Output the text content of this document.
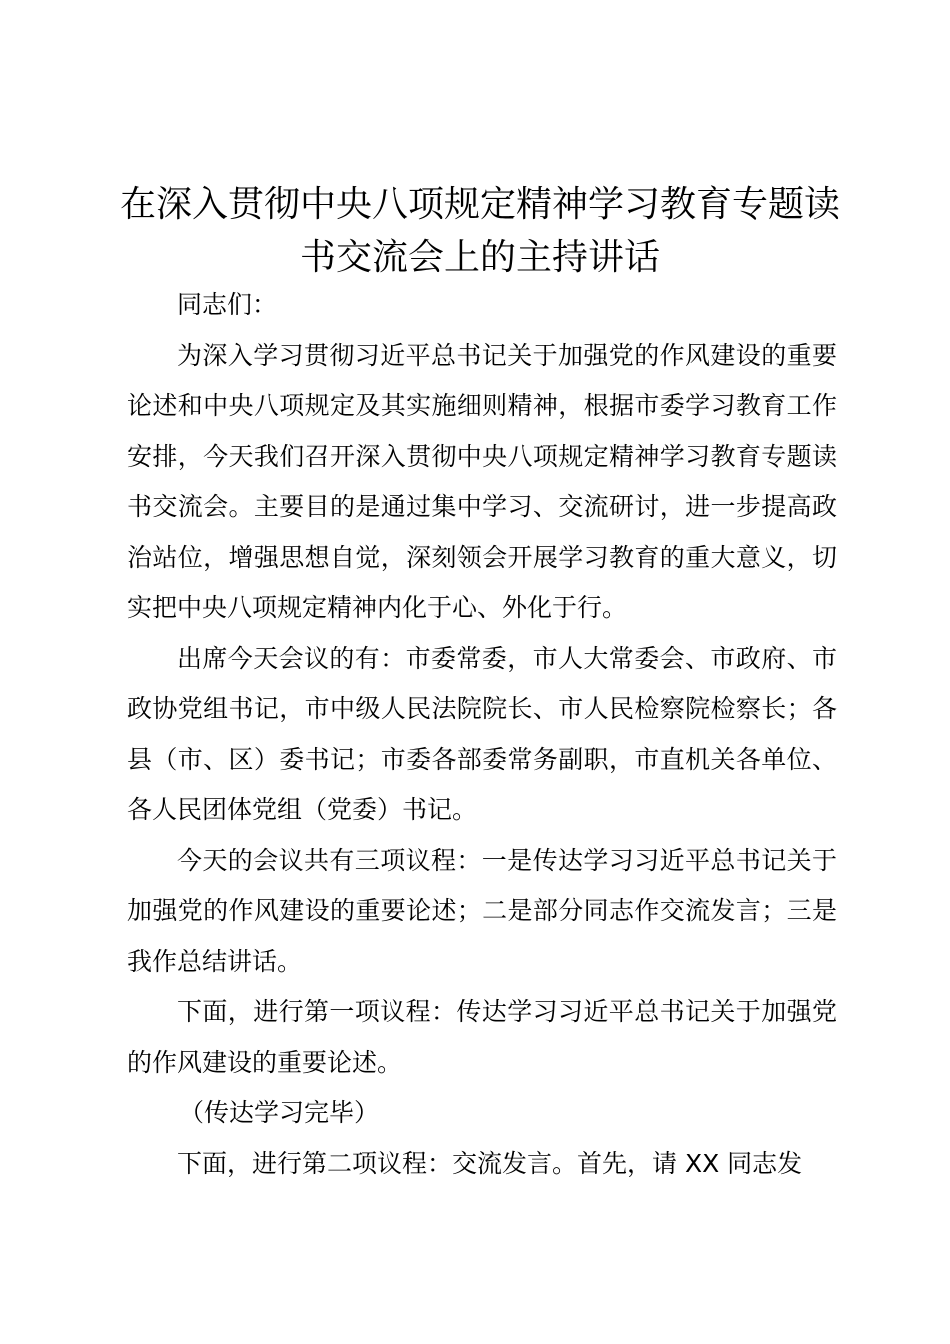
在深入贯彻中央八项规定精神学习教育专题读书交流会上的主持讲话

同志们：

为深入学习贯彻习近平总书记关于加强党的作风建设的重要论述和中央八项规定及其实施细则精神，根据市委学习教育工作安排，今天我们召开深入贯彻中央八项规定精神学习教育专题读书交流会。主要目的是通过集中学习、交流研讨，进一步提高政治站位，增强思想自觉，深刻领会开展学习教育的重大意义，切实把中央八项规定精神内化于心、外化于行。

出席今天会议的有：市委常委，市人大常委会、市政府、市政协党组书记，市中级人民法院院长、市人民检察院检察长；各县（市、区）委书记；市委各部委常务副职，市直机关各单位、各人民团体党组（党委）书记。

今天的会议共有三项议程：一是传达学习习近平总书记关于加强党的作风建设的重要论述；二是部分同志作交流发言；三是我作总结讲话。

下面，进行第一项议程：传达学习习近平总书记关于加强党的作风建设的重要论述。

（传达学习完毕）

下面，进行第二项议程：交流发言。首先，请 XX 同志发
